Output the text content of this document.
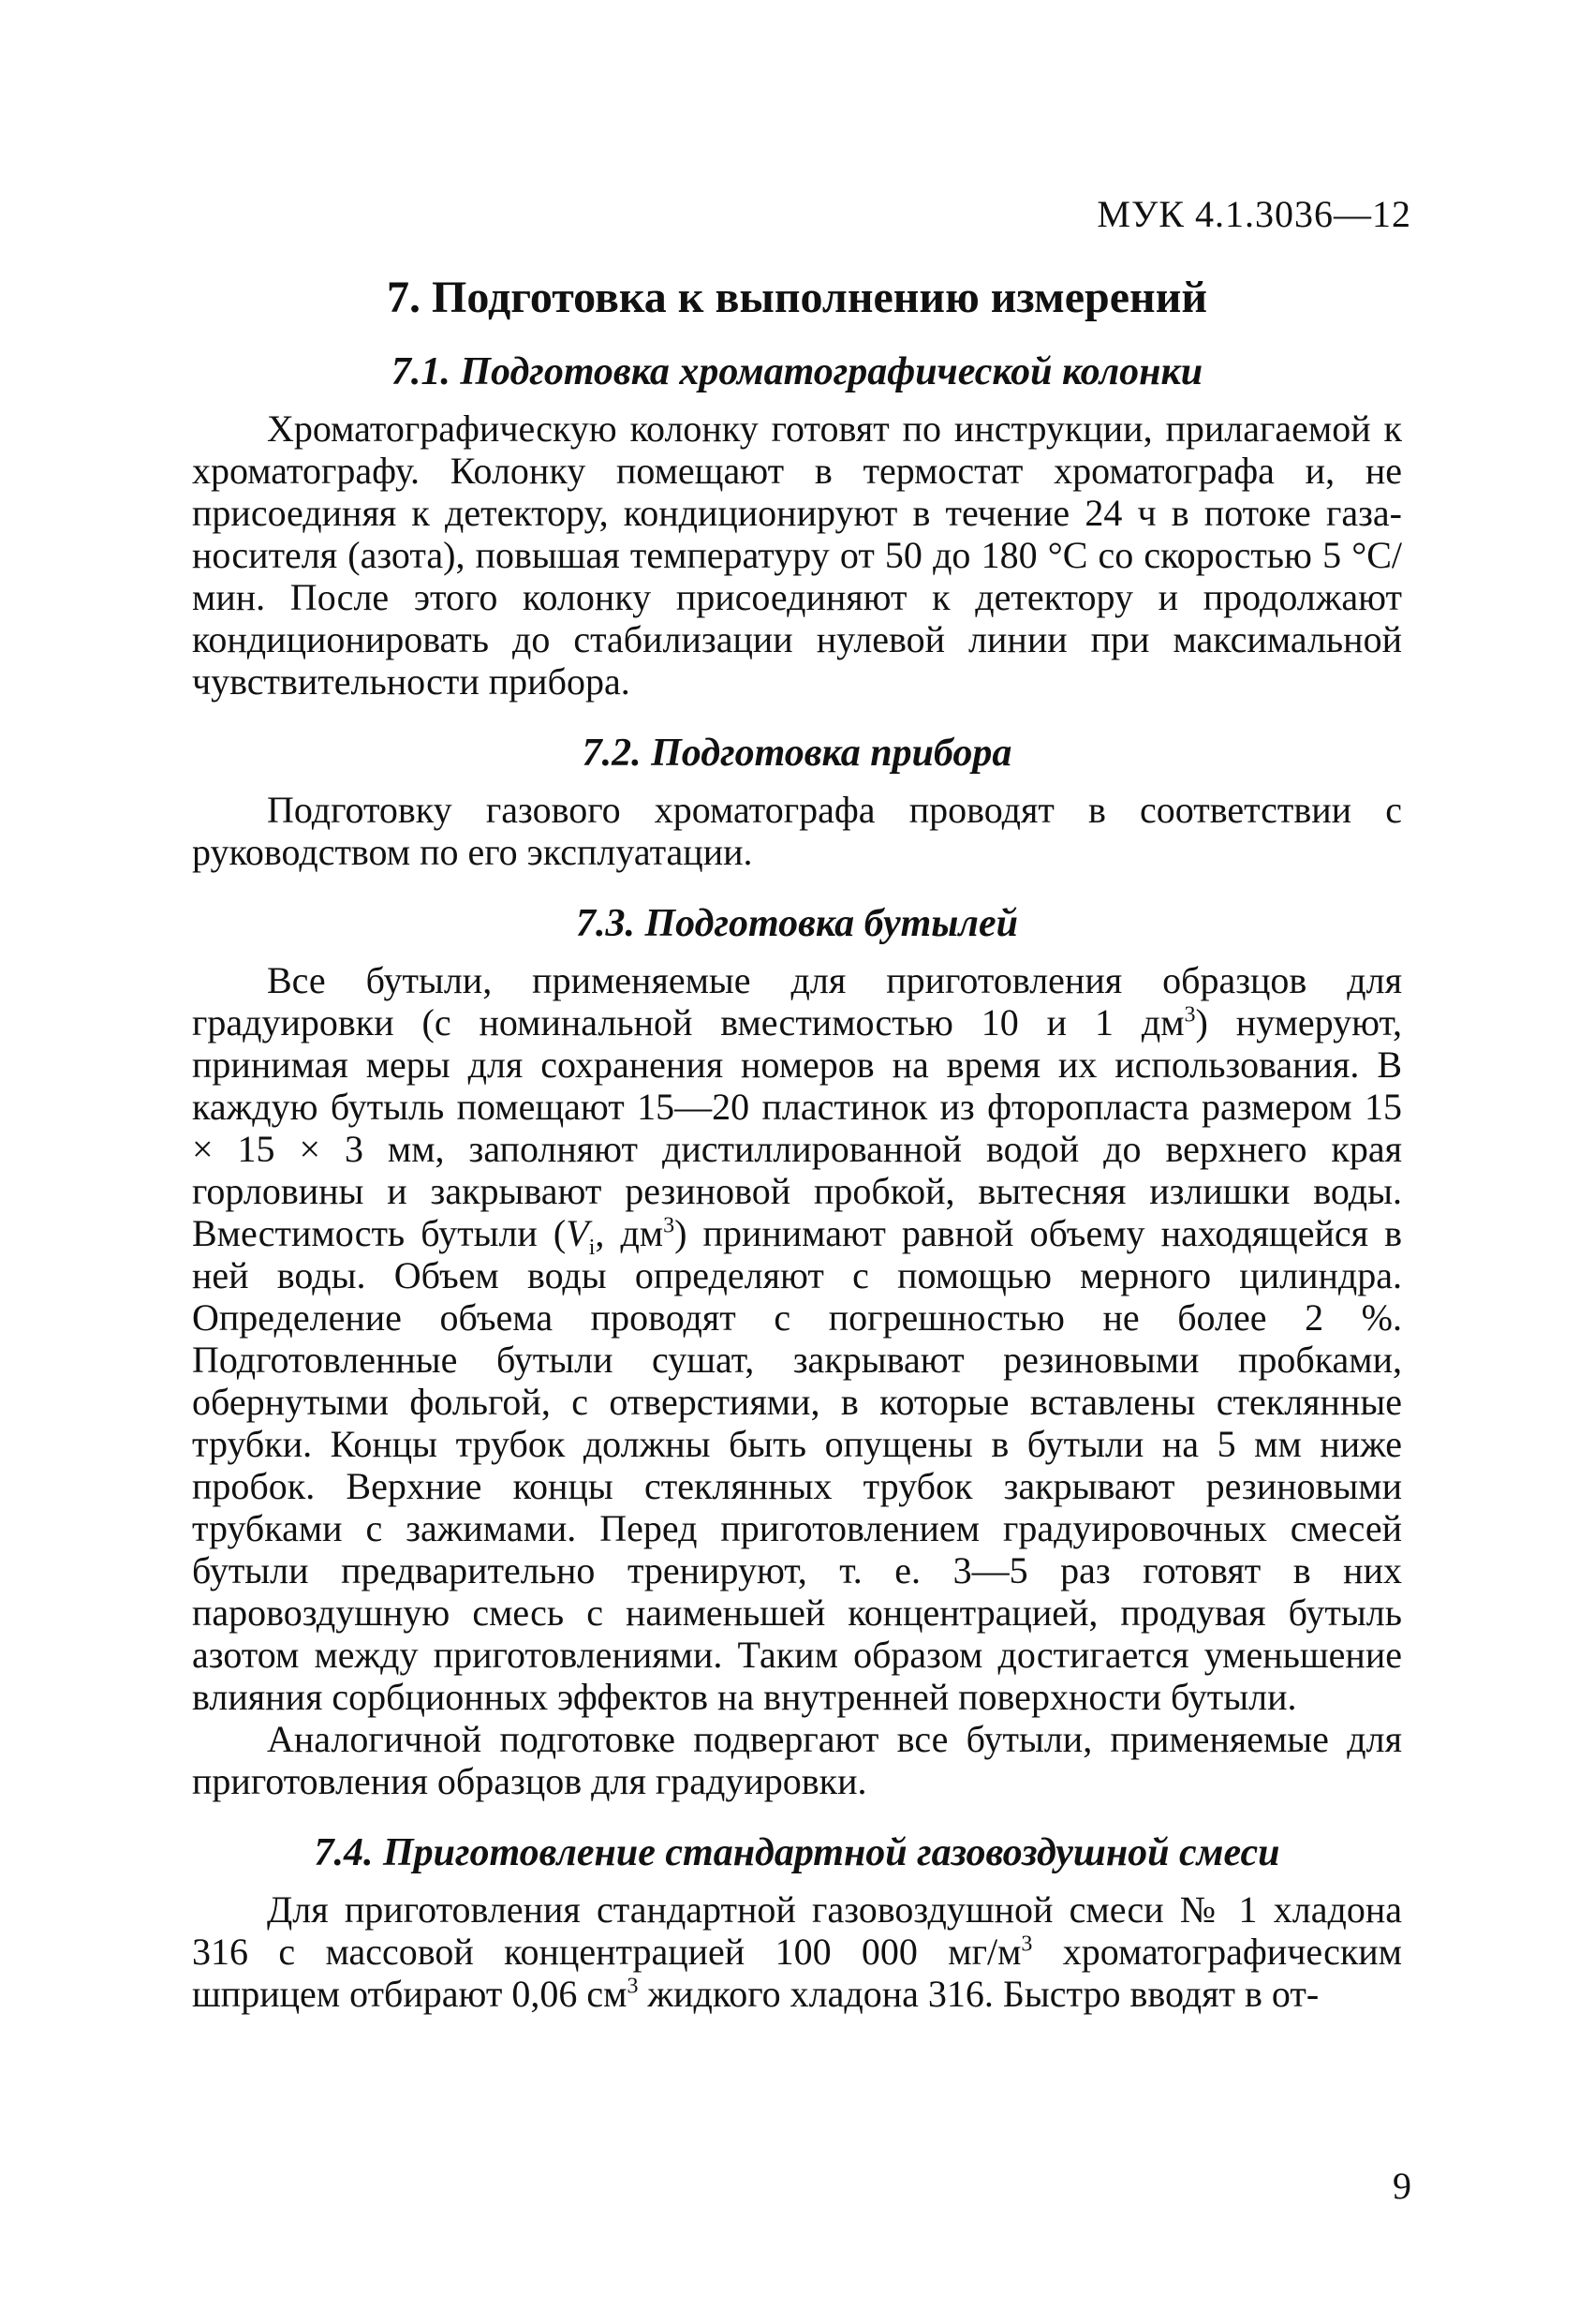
МУК 4.1.3036—12
7. Подготовка к выполнению измерений
7.1. Подготовка хроматографической колонки

Хроматографическую колонку готовят по инструкции, прилагаемой к хроматографу. Колонку помещают в термостат хроматографа и, не присоединяя к детектору, кондиционируют в течение 24 ч в потоке газа-носителя (азота), повышая температуру от 50 до 180 °С со скоростью 5 °С/мин. После этого колонку присоединяют к детектору и продолжают кондиционировать до стабилизации нулевой линии при максимальной чувствительности прибора.

7.2. Подготовка прибора

Подготовку газового хроматографа проводят в соответствии с руководством по его эксплуатации.

7.3. Подготовка бутылей

Все бутыли, применяемые для приготовления образцов для градуировки (с номинальной вместимостью 10 и 1 $дм^3$) нумеруют, принимая меры для сохранения номеров на время их использования. В каждую бутыль помещают 15—20 пластинок из фторопласта размером 15 × 15 × 3 мм, заполняют дистиллированной водой до верхнего края горловины и закрывают резиновой пробкой, вытесняя излишки воды. Вместимость бутыли ($V_i$, $дм^3$) принимают равной объему находящейся в ней воды. Объем воды определяют с помощью мерного цилиндра. Определение объема проводят с погрешностью не более 2 %. Подготовленные бутыли сушат, закрывают резиновыми пробками, обернутыми фольгой, с отверстиями, в которые вставлены стеклянные трубки. Концы трубок должны быть опущены в бутыли на 5 мм ниже пробок. Верхние концы стеклянных трубок закрывают резиновыми трубками с зажимами. Перед приготовлением градуировочных смесей бутыли предварительно тренируют, т. е. 3—5 раз готовят в них паровоздушную смесь с наименьшей концентрацией, продувая бутыль азотом между приготовлениями. Таким образом достигается уменьшение влияния сорбционных эффектов на внутренней поверхности бутыли.

Аналогичной подготовке подвергают все бутыли, применяемые для приготовления образцов для градуировки.

7.4. Приготовление стандартной газовоздушной смеси

Для приготовления стандартной газовоздушной смеси № 1 хладона 316 с массовой концентрацией 100 000 $мг/м^3$ хроматографическим шприцем отбирают 0,06 $см^3$ жидкого хладона 316. Быстро вводят в от-

9
